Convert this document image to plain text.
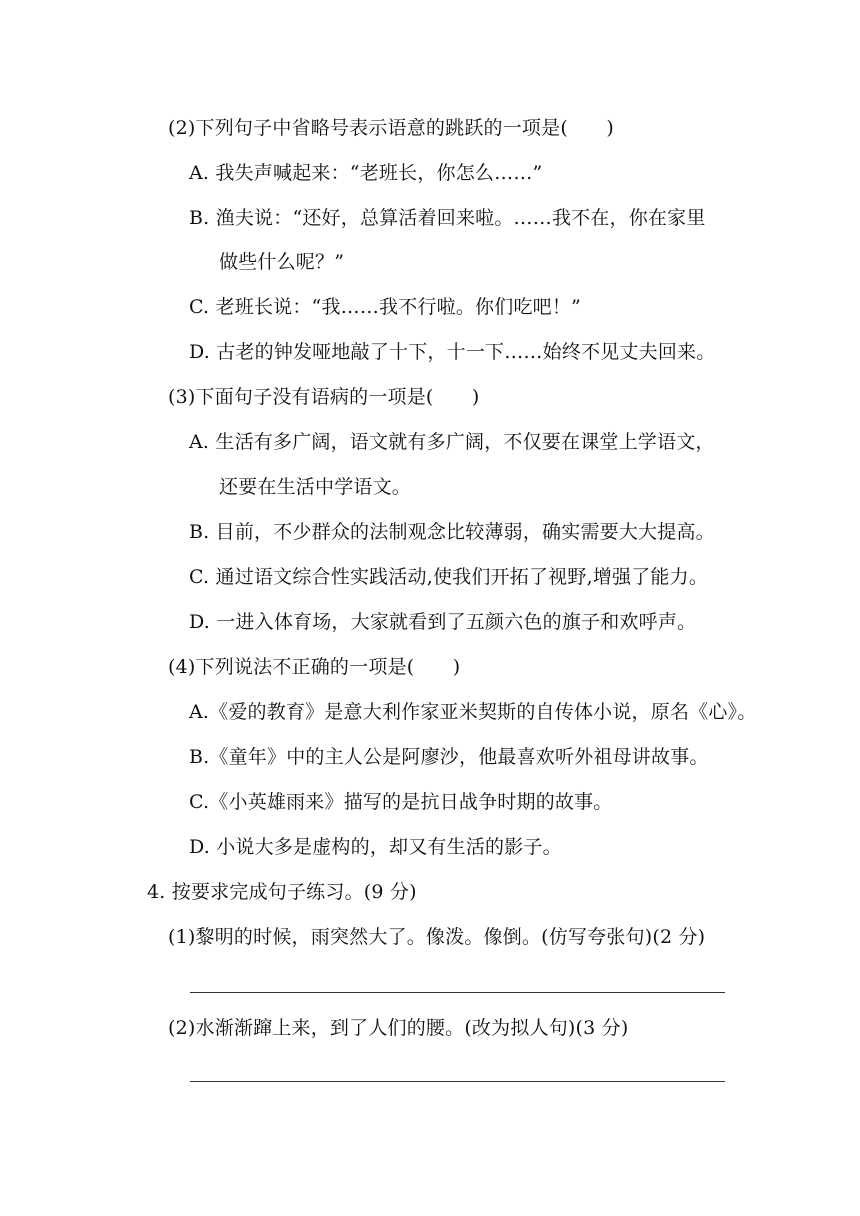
(2)下列句子中省略号表示语意的跳跃的一项是(　　)
A. 我失声喊起来：“老班长，你怎么……”
B. 渔夫说：“还好，总算活着回来啦。……我不在，你在家里
做些什么呢？”
C. 老班长说：“我……我不行啦。你们吃吧！”
D. 古老的钟发哑地敲了十下，十一下……始终不见丈夫回来。
(3)下面句子没有语病的一项是(　　)
A. 生活有多广阔，语文就有多广阔，不仅要在课堂上学语文，
还要在生活中学语文。
B. 目前，不少群众的法制观念比较薄弱，确实需要大大提高。
C. 通过语文综合性实践活动,使我们开拓了视野,增强了能力。
D. 一进入体育场，大家就看到了五颜六色的旗子和欢呼声。
(4)下列说法不正确的一项是(　　)
A.《爱的教育》是意大利作家亚米契斯的自传体小说，原名《心》。
B.《童年》中的主人公是阿廖沙，他最喜欢听外祖母讲故事。
C.《小英雄雨来》描写的是抗日战争时期的故事。
D. 小说大多是虚构的，却又有生活的影子。
4. 按要求完成句子练习。(9 分)
(1)黎明的时候，雨突然大了。像泼。像倒。(仿写夸张句)(2 分)
(2)水渐渐蹿上来，到了人们的腰。(改为拟人句)(3 分)
